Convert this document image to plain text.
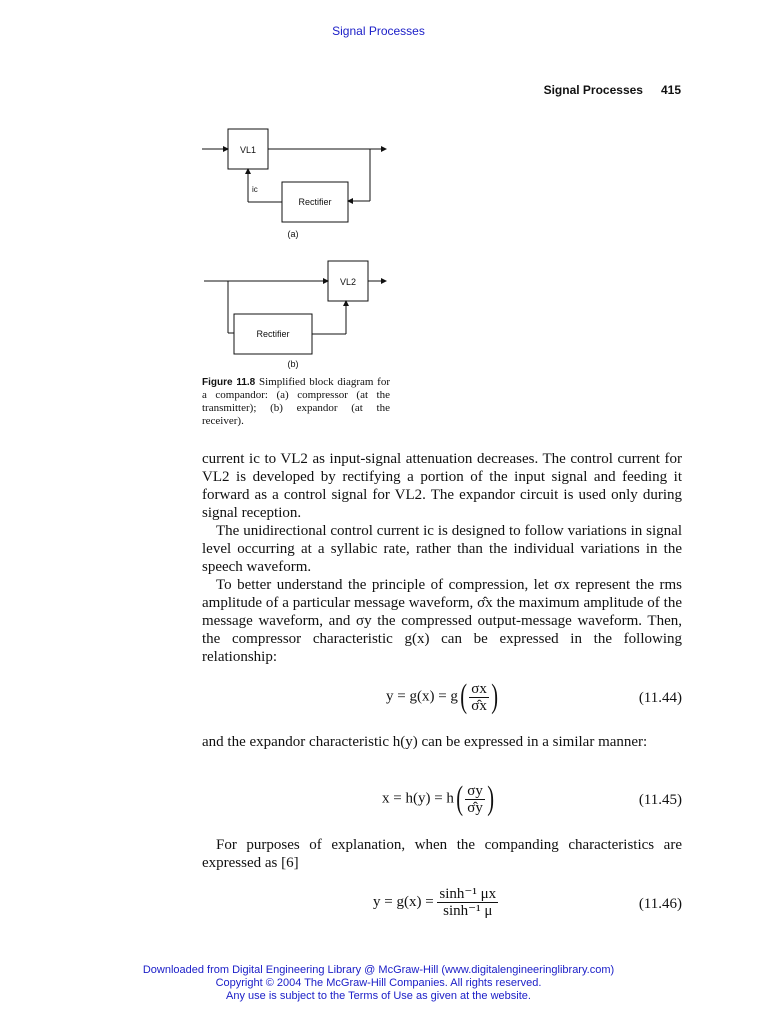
Signal Processes
Signal Processes 415
VL1
Rectifier
ic
(a)
VL2
Rectifier
(b)
Figure 11.8 Simplified block diagram for a compandor: (a) compressor (at the transmitter); (b) expandor (at the receiver).
current ic to VL2 as input-signal attenuation decreases. The control current for VL2 is developed by rectifying a portion of the input signal and feeding it forward as a control signal for VL2. The expandor circuit is used only during signal reception.
The unidirectional control current ic is designed to follow variations in signal level occurring at a syllabic rate, rather than the individual variations in the speech waveform.
To better understand the principle of compression, let σx represent the rms amplitude of a particular message waveform, σ̂x the maximum amplitude of the message waveform, and σy the compressed output-message waveform. Then, the compressor characteristic g(x) can be expressed in the following relationship:
$y = g(x) = g( \frac{\sigma x}{\sigmâx}$ )	(11.44)
and the expandor characteristic h(y) can be expressed in a similar manner:
$x = h(y) = h( \frac{\sigma y}{\sigmây}$ )	(11.45)
For purposes of explanation, when the companding characteristics are expressed as [6]
$y = g(x) = \frac{\text{sinh⁻¹ μx}}{\text{sinh⁻¹ μ}}$	(11.46)
Downloaded from Digital Engineering Library @ McGraw-Hill (www.digitalengineeringlibrary.com)
Copyright © 2004 The McGraw-Hill Companies. All rights reserved.
Any use is subject to the Terms of Use as given at the website.
